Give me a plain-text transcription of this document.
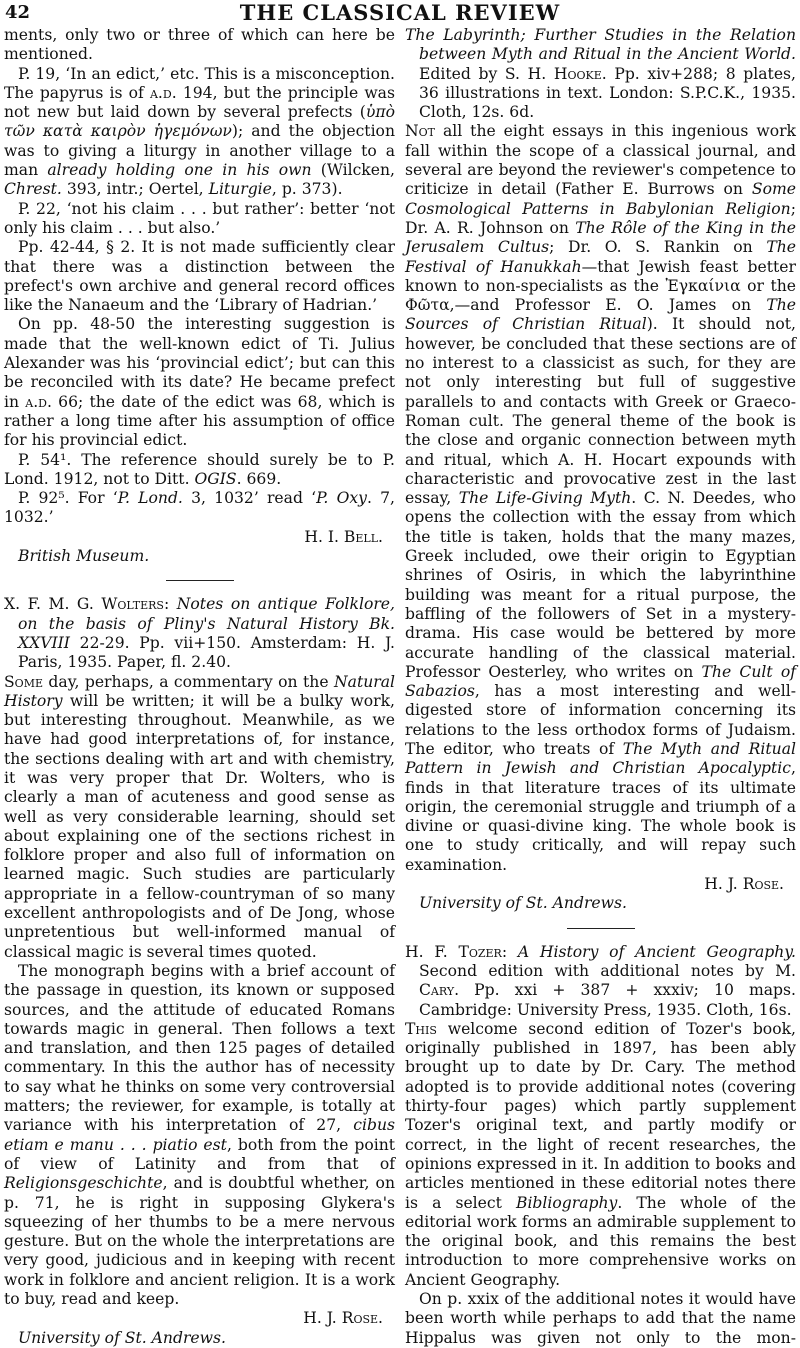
42	THE CLASSICAL REVIEW

ments, only two or three of which can here be mentioned.

P. 19, ‘In an edict,’ etc. This is a misconception. The papyrus is of a.d. 194, but the principle was not new but laid down by several prefects (ὑπὸ τῶν κατὰ καιρὸν ἡγεμόνων); and the objection was to giving a liturgy in another village to a man already holding one in his own (Wilcken, Chrest. 393, intr.; Oertel, Liturgie, p. 373).

P. 22, ‘not his claim . . . but rather’: better ‘not only his claim . . . but also.’

Pp. 42-44, § 2. It is not made sufficiently clear that there was a distinction between the prefect's own archive and general record offices like the Nanaeum and the ‘Library of Hadrian.’

On pp. 48-50 the interesting suggestion is made that the well-known edict of Ti. Julius Alexander was his ‘provincial edict’; but can this be reconciled with its date? He became prefect in a.d. 66; the date of the edict was 68, which is rather a long time after his assumption of office for his provincial edict.

P. 54¹. The reference should surely be to P. Lond. 1912, not to Ditt. OGIS. 669.

P. 92⁵. For ‘P. Lond. 3, 1032’ read ‘P. Oxy. 7, 1032.’

H. I. Bell.
British Museum.

X. F. M. G. Wolters: Notes on antique Folklore, on the basis of Pliny's Natural History Bk. XXVIII 22-29. Pp. vii+150. Amsterdam: H. J. Paris, 1935. Paper, fl. 2.40.

Some day, perhaps, a commentary on the Natural History will be written; it will be a bulky work, but interesting throughout. Meanwhile, as we have had good interpretations of, for instance, the sections dealing with art and with chemistry, it was very proper that Dr. Wolters, who is clearly a man of acuteness and good sense as well as very considerable learning, should set about explaining one of the sections richest in folklore proper and also full of information on learned magic. Such studies are particularly appropriate in a fellow-countryman of so many excellent anthropologists and of De Jong, whose unpretentious but well-informed manual of classical magic is several times quoted.

The monograph begins with a brief account of the passage in question, its known or supposed sources, and the attitude of educated Romans towards magic in general. Then follows a text and translation, and then 125 pages of detailed commentary. In this the author has of necessity to say what he thinks on some very controversial matters; the reviewer, for example, is totally at variance with his interpretation of 27, cibus etiam e manu . . . piatio est, both from the point of view of Latinity and from that of Religionsgeschichte, and is doubtful whether, on p. 71, he is right in supposing Glykera's squeezing of her thumbs to be a mere nervous gesture. But on the whole the interpretations are very good, judicious and in keeping with recent work in folklore and ancient religion. It is a work to buy, read and keep.

H. J. Rose.
University of St. Andrews.

The Labyrinth; Further Studies in the Relation between Myth and Ritual in the Ancient World. Edited by S. H. Hooke. Pp. xiv+288; 8 plates, 36 illustrations in text. London: S.P.C.K., 1935. Cloth, 12s. 6d.

Not all the eight essays in this ingenious work fall within the scope of a classical journal, and several are beyond the reviewer's competence to criticize in detail (Father E. Burrows on Some Cosmological Patterns in Babylonian Religion; Dr. A. R. Johnson on The Rôle of the King in the Jerusalem Cultus; Dr. O. S. Rankin on The Festival of Hanukkah—that Jewish feast better known to non-specialists as the Ἐγκαίνια or the Φῶτα,—and Professor E. O. James on The Sources of Christian Ritual). It should not, however, be concluded that these sections are of no interest to a classicist as such, for they are not only interesting but full of suggestive parallels to and contacts with Greek or Graeco-Roman cult. The general theme of the book is the close and organic connection between myth and ritual, which A. H. Hocart expounds with characteristic and provocative zest in the last essay, The Life-Giving Myth. C. N. Deedes, who opens the collection with the essay from which the title is taken, holds that the many mazes, Greek included, owe their origin to Egyptian shrines of Osiris, in which the labyrinthine building was meant for a ritual purpose, the baffling of the followers of Set in a mystery-drama. His case would be bettered by more accurate handling of the classical material. Professor Oesterley, who writes on The Cult of Sabazios, has a most interesting and well-digested store of information concerning its relations to the less orthodox forms of Judaism. The editor, who treats of The Myth and Ritual Pattern in Jewish and Christian Apocalyptic, finds in that literature traces of its ultimate origin, the ceremonial struggle and triumph of a divine or quasi-divine king. The whole book is one to study critically, and will repay such examination.

H. J. Rose.
University of St. Andrews.

H. F. Tozer: A History of Ancient Geography. Second edition with additional notes by M. Cary. Pp. xxi + 387 + xxxiv; 10 maps. Cambridge: University Press, 1935. Cloth, 16s.

This welcome second edition of Tozer's book, originally published in 1897, has been ably brought up to date by Dr. Cary. The method adopted is to provide additional notes (covering thirty-four pages) which partly supplement Tozer's original text, and partly modify or correct, in the light of recent researches, the opinions expressed in it. In addition to books and articles mentioned in these editorial notes there is a select Bibliography. The whole of the editorial work forms an admirable supplement to the original book, and this remains the best introduction to more comprehensive works on Ancient Geography.

On p. xxix of the additional notes it would have been worth while perhaps to add that the name Hippalus was given not only to the mon-
